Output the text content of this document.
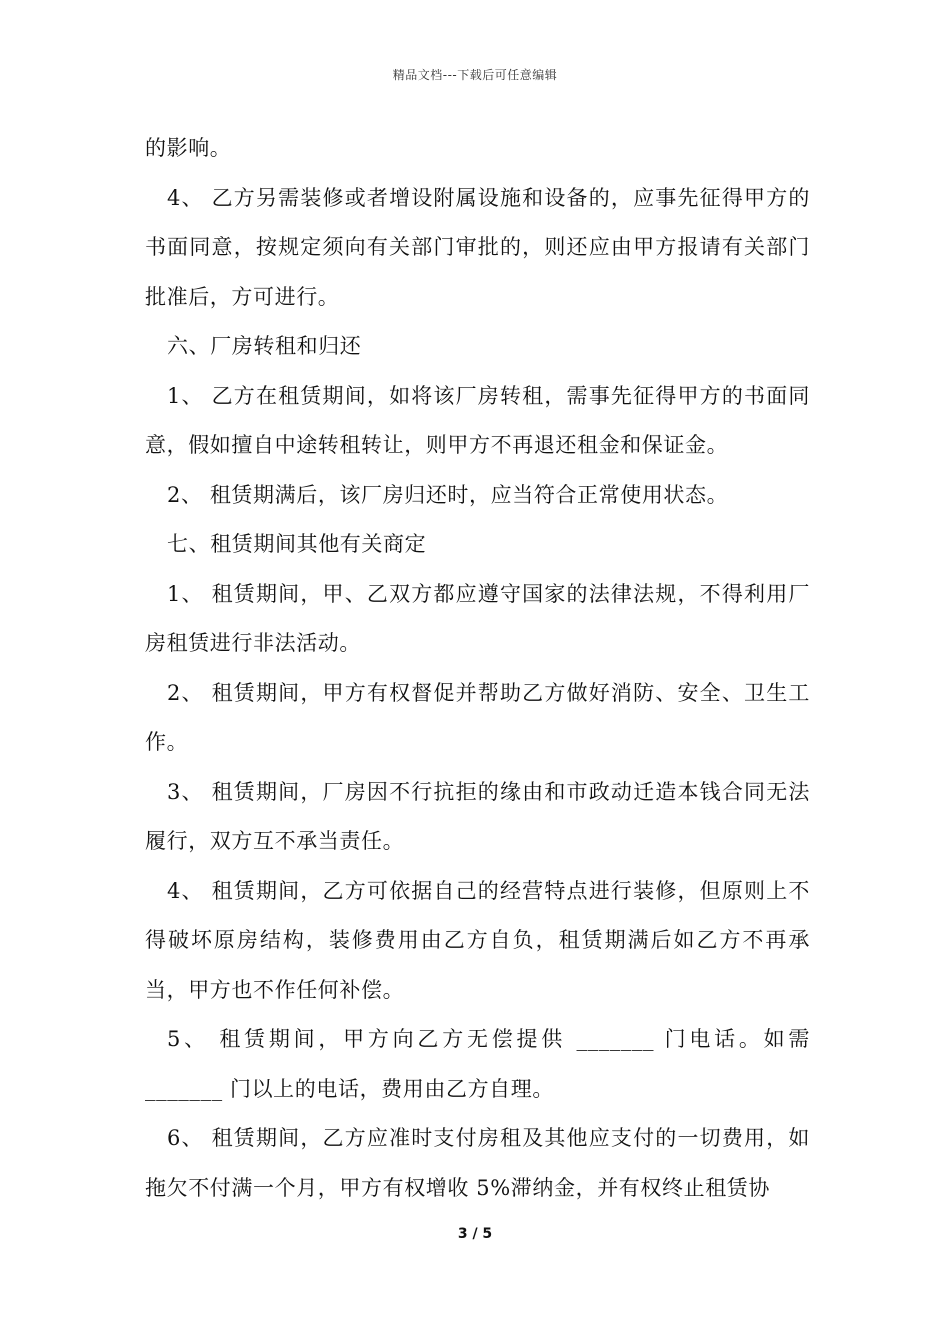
精品文档---下载后可任意编辑

的影响。

4、 乙方另需装修或者增设附属设施和设备的，应事先征得甲方的书面同意，按规定须向有关部门审批的，则还应由甲方报请有关部门批准后，方可进行。

六、厂房转租和归还

1、 乙方在租赁期间，如将该厂房转租，需事先征得甲方的书面同意，假如擅自中途转租转让，则甲方不再退还租金和保证金。

2、 租赁期满后，该厂房归还时，应当符合正常使用状态。

七、租赁期间其他有关商定

1、 租赁期间，甲、乙双方都应遵守国家的法律法规，不得利用厂房租赁进行非法活动。

2、 租赁期间，甲方有权督促并帮助乙方做好消防、安全、卫生工作。

3、 租赁期间，厂房因不行抗拒的缘由和市政动迁造本钱合同无法履行，双方互不承当责任。

4、 租赁期间，乙方可依据自己的经营特点进行装修，但原则上不得破坏原房结构，装修费用由乙方自负，租赁期满后如乙方不再承当，甲方也不作任何补偿。

5、 租赁期间，甲方向乙方无偿提供 _______ 门电话。如需 _______ 门以上的电话，费用由乙方自理。

6、 租赁期间，乙方应准时支付房租及其他应支付的一切费用，如拖欠不付满一个月，甲方有权增收 5%滞纳金，并有权终止租赁协

3 / 5
